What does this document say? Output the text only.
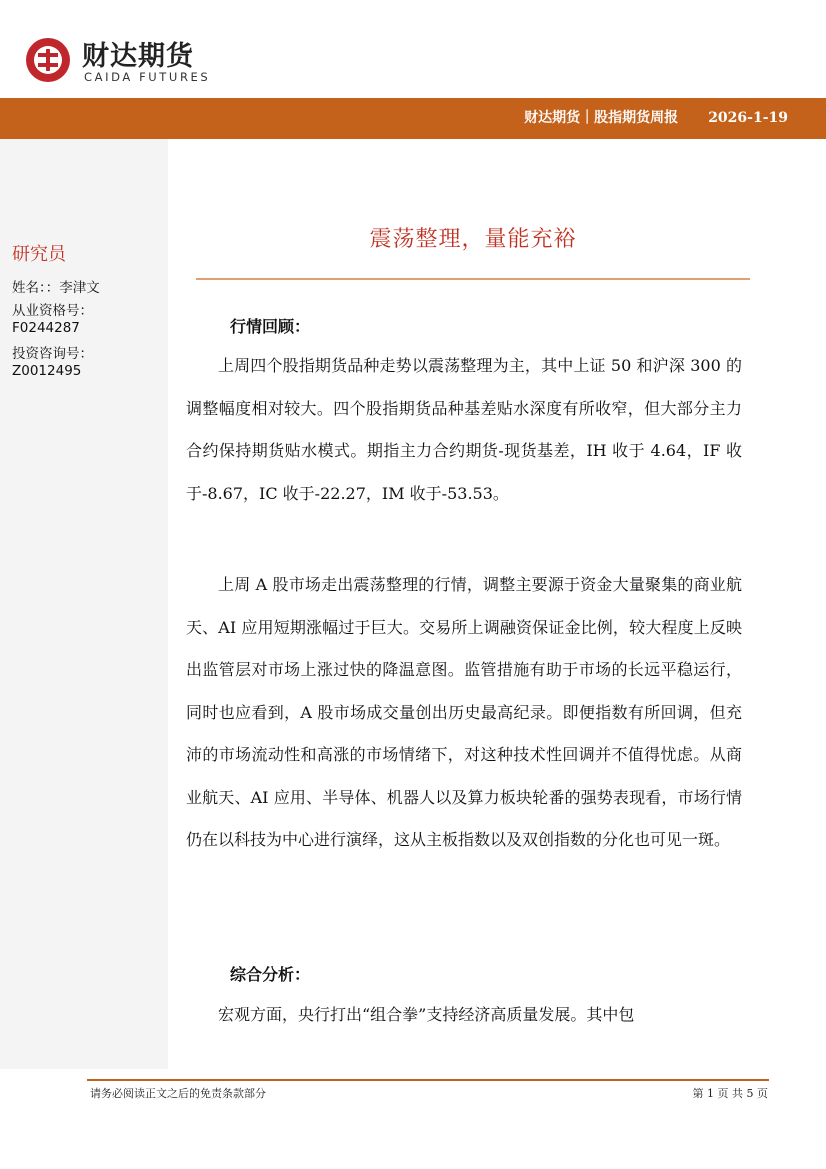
财达期货
CAIDA FUTURES
财达期货｜股指期货周报 2026-1-19
研究员
姓名：：李津文
从业资格号：
F0244287
投资咨询号：
Z0012495
震荡整理，量能充裕
行情回顾：

上周四个股指期货品种走势以震荡整理为主，其中上证 50 和沪深 300 的调整幅度相对较大。四个股指期货品种基差贴水深度有所收窄，但大部分主力合约保持期货贴水模式。期指主力合约期货-现货基差，IH 收于 4.64，IF 收于-8.67，IC 收于-22.27，IM 收于-53.53。

上周 A 股市场走出震荡整理的行情，调整主要源于资金大量聚集的商业航天、AI 应用短期涨幅过于巨大。交易所上调融资保证金比例，较大程度上反映出监管层对市场上涨过快的降温意图。监管措施有助于市场的长远平稳运行，同时也应看到，A 股市场成交量创出历史最高纪录。即便指数有所回调，但充沛的市场流动性和高涨的市场情绪下，对这种技术性回调并不值得忧虑。从商业航天、AI 应用、半导体、机器人以及算力板块轮番的强势表现看，市场行情仍在以科技为中心进行演绎，这从主板指数以及双创指数的分化也可见一斑。

综合分析：

宏观方面，央行打出“组合拳”支持经济高质量发展。其中包

请务必阅读正文之后的免责条款部分	第 1 页 共 5 页
